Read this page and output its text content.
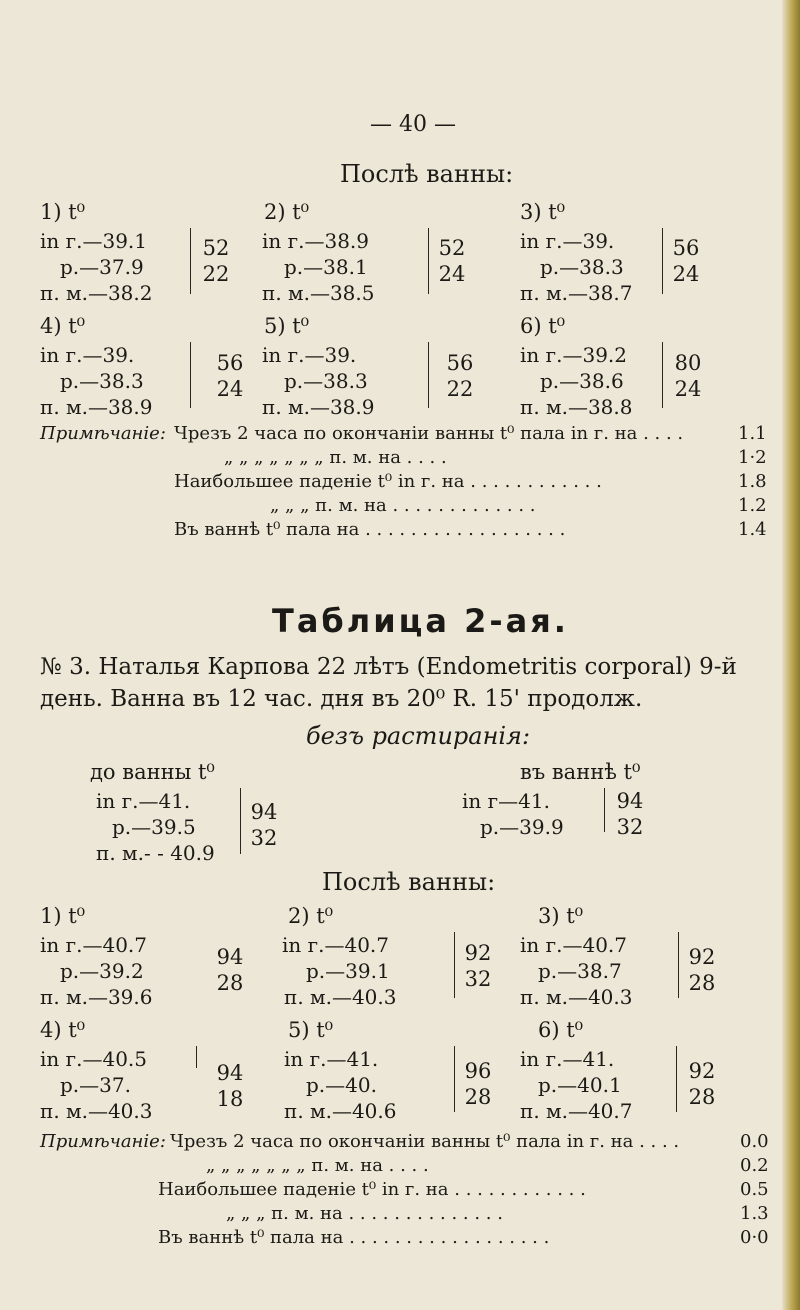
— 40 —
Послѣ ванны:
1) t⁰
in г.—39.1
р.—37.9
п. м.—38.2
52
22
2) t⁰
in г.—38.9
р.—38.1
п. м.—38.5
52
24
3) t⁰
in г.—39.
р.—38.3
п. м.—38.7
56
24
4) t⁰
in г.—39.
р.—38.3
п. м.—38.9
56
24
5) t⁰
in г.—39.
р.—38.3
п. м.—38.9
56
22
6) t⁰
in г.—39.2
р.—38.6
п. м.—38.8
80
24
Примѣчаніе: Чрезъ 2 часа по окончаніи ванны t⁰ пала in г. на . . . .
„ „ „ „ „ „ „ п. м. на . . . .
Наибольшее паденіе t⁰ in г. на . . . . . . . . . . . .
„ „ „ п. м. на . . . . . . . . . . . . .
Въ ваннѣ t⁰ пала на . . . . . . . . . . . . . . . . . .
1.1
1·2
1.8
1.2
1.4
Таблица 2-ая.
№ 3. Наталья Карпова 22 лѣтъ (Endometritis corporal) 9-й
день. Ванна въ 12 час. дня въ 20⁰ R. 15' продолж.
безъ растиранія:
до ванны t⁰
in г.—41.
р.—39.5
п. м.- - 40.9
94
32
въ ваннѣ t⁰
in г—41.
р.—39.9
94
32
Послѣ ванны:
1) t⁰
in г.—40.7
р.—39.2
п. м.—39.6
94
28
2) t⁰
in г.—40.7
р.—39.1
п. м.—40.3
92
32
3) t⁰
in г.—40.7
р.—38.7
п. м.—40.3
92
28
4) t⁰
in г.—40.5
р.—37.
п. м.—40.3
94
18
5) t⁰
in г.—41.
р.—40.
п. м.—40.6
96
28
6) t⁰
in г.—41.
р.—40.1
п. м.—40.7
92
28
Примѣчаніе: Чрезъ 2 часа по окончаніи ванны t⁰ пала in г. на . . . .
„ „ „ „ „ „ „ п. м. на . . . .
Наибольшее паденіе t⁰ in г. на . . . . . . . . . . . .
„ „ „ п. м. на . . . . . . . . . . . . . .
Въ ваннѣ t⁰ пала на . . . . . . . . . . . . . . . . . .
0.0
0.2
0.5
1.3
0·0
